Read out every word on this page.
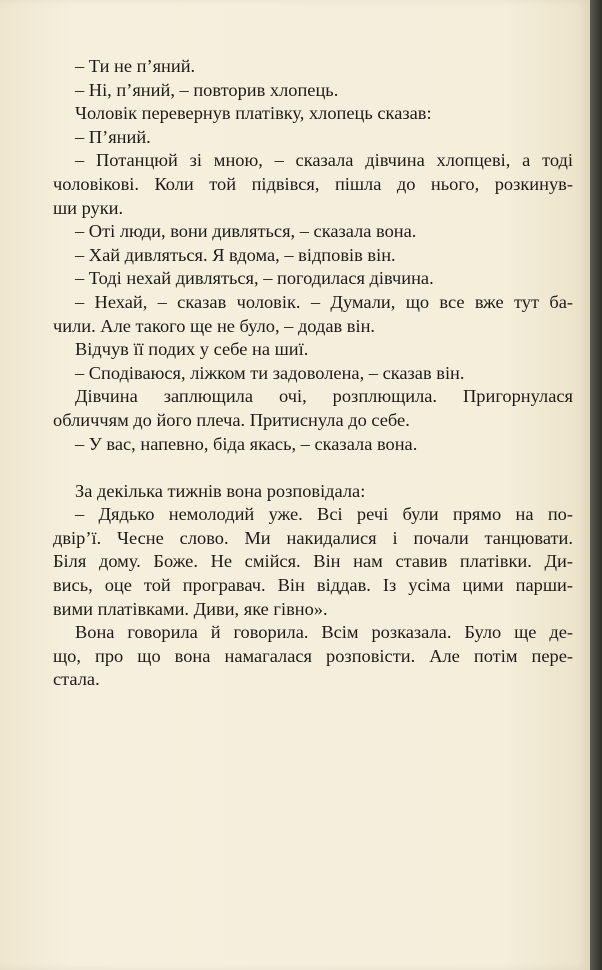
– Ти не п’яний.
– Ні, п’яний, – повторив хлопець.
Чоловік перевернув платівку, хлопець сказав:
– П’яний.
– Потанцюй зі мною, – сказала дівчина хлопцеві, а тоді
чоловікові. Коли той підвівся, пішла до нього, розкинув-
ши руки.
– Оті люди, вони дивляться, – сказала вона.
– Хай дивляться. Я вдома, – відповів він.
– Тоді нехай дивляться, – погодилася дівчина.
– Нехай, – сказав чоловік. – Думали, що все вже тут ба-
чили. Але такого ще не було, – додав він.
Відчув її подих у себе на шиї.
– Сподіваюся, ліжком ти задоволена, – сказав він.
Дівчина заплющила очі, розплющила. Пригорнулася
обличчям до його плеча. Притиснула до себе.
– У вас, напевно, біда якась, – сказала вона.
За декілька тижнів вона розповідала:
– Дядько немолодий уже. Всі речі були прямо на по-
двір’ї. Чесне слово. Ми накидалися і почали танцювати.
Біля дому. Боже. Не смійся. Він нам ставив платівки. Ди-
вись, оце той програвач. Він віддав. Із усіма цими парши-
вими платівками. Диви, яке гівно».
Вона говорила й говорила. Всім розказала. Було ще де-
що, про що вона намагалася розповісти. Але потім пере-
стала.
